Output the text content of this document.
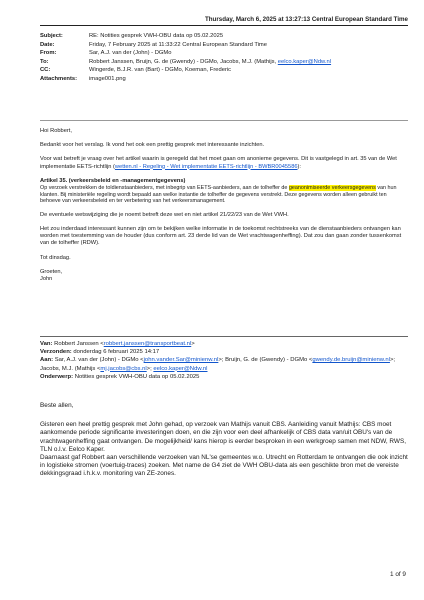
Thursday, March 6, 2025 at 13:27:13 Central European Standard Time
Subject:	RE: Notities gesprek VWH-OBU data op 05.02.2025
Date:	Friday, 7 February 2025 at 11:33:22 Central European Standard Time
From:	Sar, A.J. van der (John) - DGMo
To:	Robbert Janssen, Bruijn, G. de (Gwendy) - DGMo, Jacobs, M.J. (Mathijs, eelco.kaper@Ndw.nl
CC:	Wingerde, B.J.R. van (Bart) - DGMo, Koeman, Frederic
Attachments:	image001.png

Hoi Robbert,

Bedankt voor het verslag. Ik vond het ook een prettig gesprek met interessante inzichten.

Voor wat betreft je vraag over het artikel waarin is geregeld dat het moet gaan om anonieme gegevens. Dit is vastgelegd in art. 35 van de Wet implementatie EETS-richtlijn (wetten.nl - Regeling - Wet implementatie EETS-richtlijn - BWBR0045586):

Artikel 35. (verkeersbeleid en -managementgegevens)

Op verzoek verstrekken de toldienstaanbieders, met inbegrip van EETS-aanbieders, aan de tolheffer de geanonimiseerde verkeersgegevens van hun klanten. Bij ministeriële regeling wordt bepaald aan welke instantie de tolheffer de gegevens verstrekt. Deze gegevens worden alleen gebruikt ten behoeve van verkeersbeleid en ter verbetering van het verkeersmanagement.

De eventuele wetswijziging die je noemt betreft deze wet en niet artikel 21/22/23 van de Wet VWH.

Het zou inderdaad interessant kunnen zijn om te bekijken welke informatie in de toekomst rechtstreeks van de dienstaanbieders ontvangen kan worden met toestemming van de houder (dus conform art. 23 derde lid van de Wet vrachtwagenheffing). Dat zou dan gaan zonder tussenkomst van de tolheffer (RDW).

Tot dinsdag.

Groeten,

John

Van: Robbert Janssen <robbert.janssen@transportbeat.nl>
Verzonden: donderdag 6 februari 2025 14:17
Aan: Sar, A.J. van der (John) - DGMo <john.vander.Sar@minienw.nl>; Bruijn, G. de (Gwendy) - DGMo <gwendy.de.bruijn@minienw.nl>; Jacobs, M.J. (Mathijs <mj.jacobs@cbs.nl>; eelco.kaper@Ndw.nl
Onderwerp: Notities gesprek VWH-OBU data op 05.02.2025

Beste allen,

Gisteren een heel prettig gesprek met John gehad, op verzoek van Mathijs vanuit CBS. Aanleiding vanuit Mathijs: CBS moet aankomende periode significante investeringen doen, en die zijn voor een deel afhankelijk of CBS data van/uit OBU's van de vrachtwagenheffing gaat ontvangen. De mogelijkheid/ kans hierop is eerder besproken in een werkgroep samen met NDW, RWS, TLN o.l.v. Eelco Kaper.

Daarnaast gaf Robbert aan verschillende verzoeken van NL'se gemeentes w.o. Utrecht en Rotterdam te ontvangen die ook inzicht in logistieke stromen (voertuig-traces) zoeken. Met name de G4 ziet de VWH OBU-data als een geschikte bron met de vereiste dekkingsgraad i.h.k.v. monitoring van ZE-zones.

1 of 9
